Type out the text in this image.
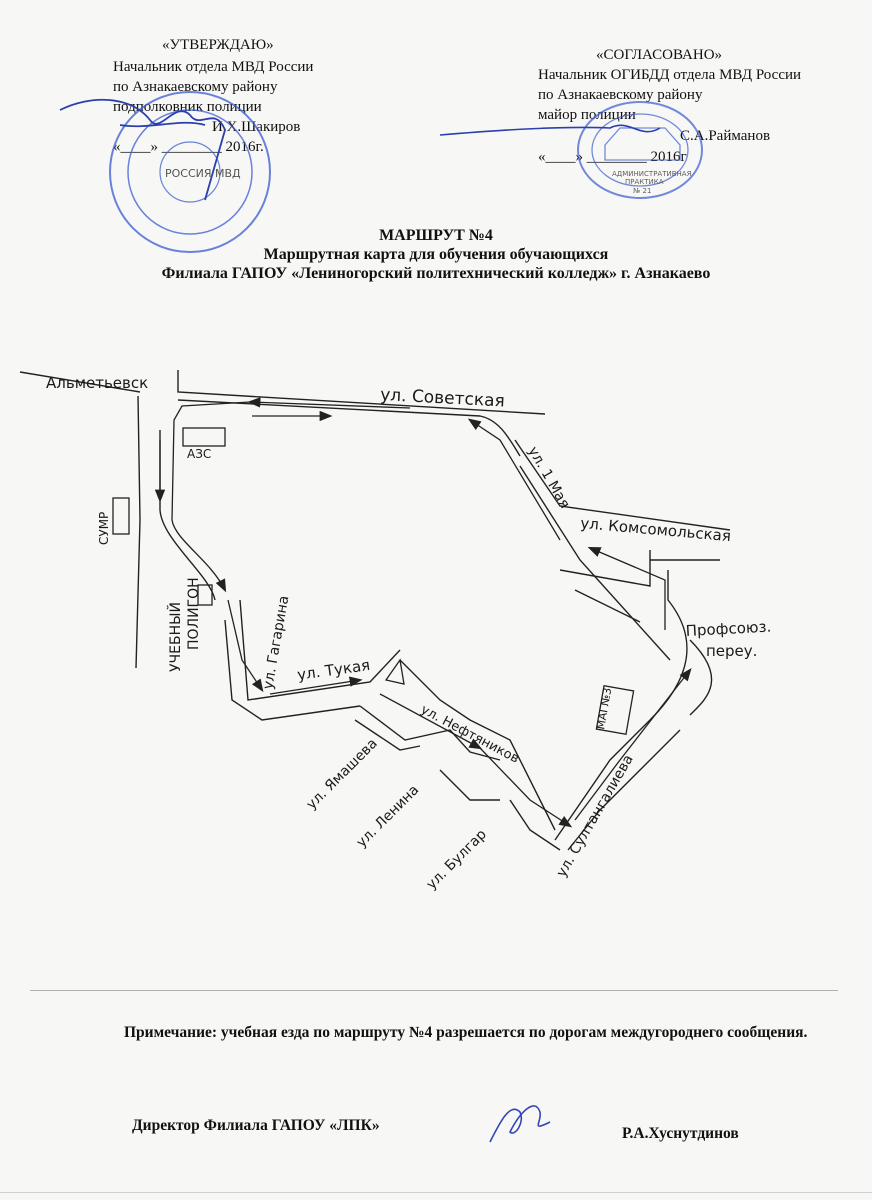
«УТВЕРЖДАЮ»
Начальник отдела МВД России
по Азнакаевскому району
подполковник полиции
И.Х.Шакиров
«____» ________ 2016г.
«СОГЛАСОВАНО»
Начальник ОГИБДД отдела МВД России
по Азнакаевскому району
майор полиции
С.А.Райманов
«____» ________ 2016г
РОССИЯ МВД	АДМИНИСТРАТИВНАЯ
ПРАКТИКА
№ 21
МАРШРУТ №4
Маршрутная карта для обучения обучающихся
Филиала ГАПОУ «Лениногорский политехнический колледж» г. Азнакаево
Альметьевск
ул. Советская
АЗС
СУМР
ул. 1 Мая
ул. Комсомольская
УЧЕБНЫЙ ПОЛИГОН	ул. Гагарина ул. Тукая
Профсоюз.
переу.
МАГ№3
ул. Нефтяников
ул. Ямашева
ул. Ленина
ул. Булгар	ул. Султангалиева
Примечание: учебная езда по маршруту №4 разрешается по дорогам междугороднего сообщения.
Директор Филиала ГАПОУ «ЛПК»	Р.А.Хуснутдинов
